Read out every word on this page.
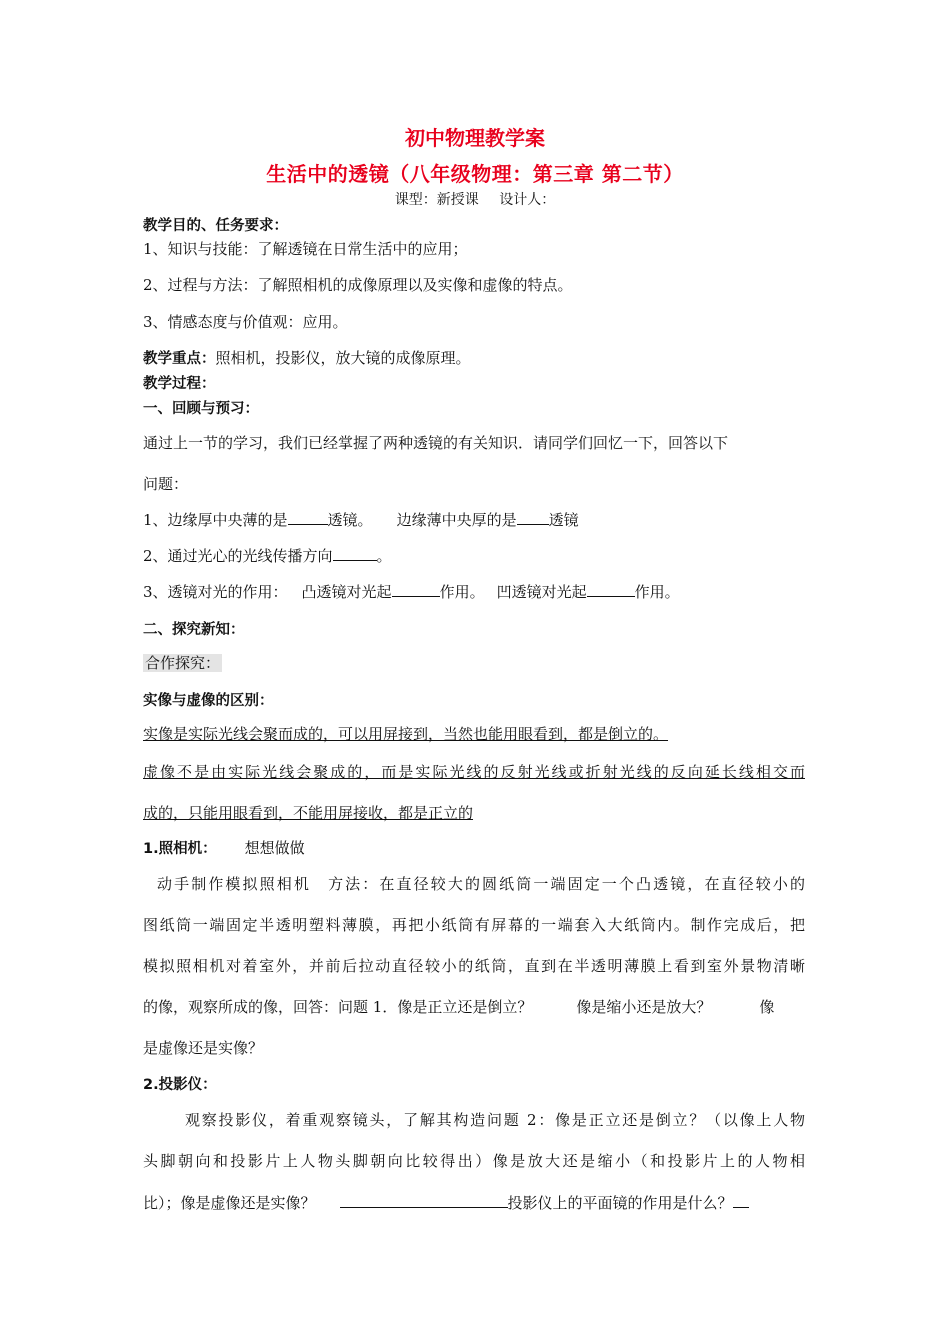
初中物理教学案
生活中的透镜（八年级物理：第三章 第二节）
课型：新授课 设计人：
教学目的、任务要求：
1、知识与技能：了解透镜在日常生活中的应用；
2、过程与方法：了解照相机的成像原理以及实像和虚像的特点。
3、情感态度与价值观：应用。
教学重点：照相机，投影仪，放大镜的成像原理。
教学过程：
一、回顾与预习：
通过上一节的学习，我们已经掌握了两种透镜的有关知识．请同学们回忆一下，回答以下
问题：
1、边缘厚中央薄的是	透镜。 边缘薄中央厚的是 透镜
2、通过光心的光线传播方向	。
3、透镜对光的作用： 凸透镜对光起	作用。 凹透镜对光起	作用。
二、探究新知：
合作探究：
实像与虚像的区别：
实像是实际光线会聚而成的，可以用屏接到，当然也能用眼看到，都是倒立的。
虚像不是由实际光线会聚成的，而是实际光线的反射光线或折射光线的反向延长线相交而
成的，只能用眼看到，不能用屏接收，都是正立的
1.照相机： 想想做做
动手制作模拟照相机　方法：在直径较大的圆纸筒一端固定一个凸透镜，在直径较小的
图纸筒一端固定半透明塑料薄膜，再把小纸筒有屏幕的一端套入大纸筒内。制作完成后，把
模拟照相机对着室外，并前后拉动直径较小的纸筒，直到在半透明薄膜上看到室外景物清晰
的像，观察所成的像，回答：问题 1．像是正立还是倒立？	像是缩小还是放大？	像
是虚像还是实像？
2.投影仪：
观察投影仪，着重观察镜头，了解其构造问题 2：像是正立还是倒立？（以像上人物
头脚朝向和投影片上人物头脚朝向比较得出）像是放大还是缩小（和投影片上的人物相
比）；像是虚像还是实像？	投影仪上的平面镜的作用是什么？
